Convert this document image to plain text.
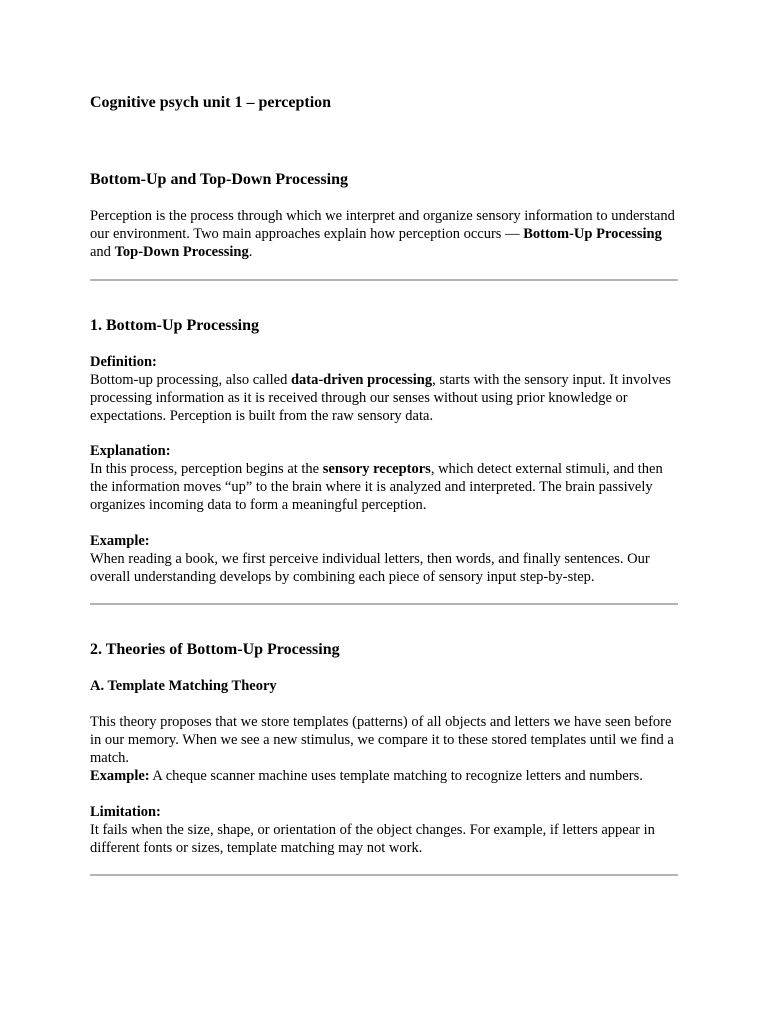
Cognitive psych unit 1 – perception

Bottom-Up and Top-Down Processing

Perception is the process through which we interpret and organize sensory information to understand our environment. Two main approaches explain how perception occurs — Bottom-Up Processing and Top-Down Processing.

1. Bottom-Up Processing

Definition:

Bottom-up processing, also called data-driven processing, starts with the sensory input. It involves processing information as it is received through our senses without using prior knowledge or expectations. Perception is built from the raw sensory data.

Explanation:

In this process, perception begins at the sensory receptors, which detect external stimuli, and then the information moves “up” to the brain where it is analyzed and interpreted. The brain passively organizes incoming data to form a meaningful perception.

Example:

When reading a book, we first perceive individual letters, then words, and finally sentences. Our overall understanding develops by combining each piece of sensory input step-by-step.

2. Theories of Bottom-Up Processing

A. Template Matching Theory

This theory proposes that we store templates (patterns) of all objects and letters we have seen before in our memory. When we see a new stimulus, we compare it to these stored templates until we find a match.

Example: A cheque scanner machine uses template matching to recognize letters and numbers.

Limitation:

It fails when the size, shape, or orientation of the object changes. For example, if letters appear in different fonts or sizes, template matching may not work.
